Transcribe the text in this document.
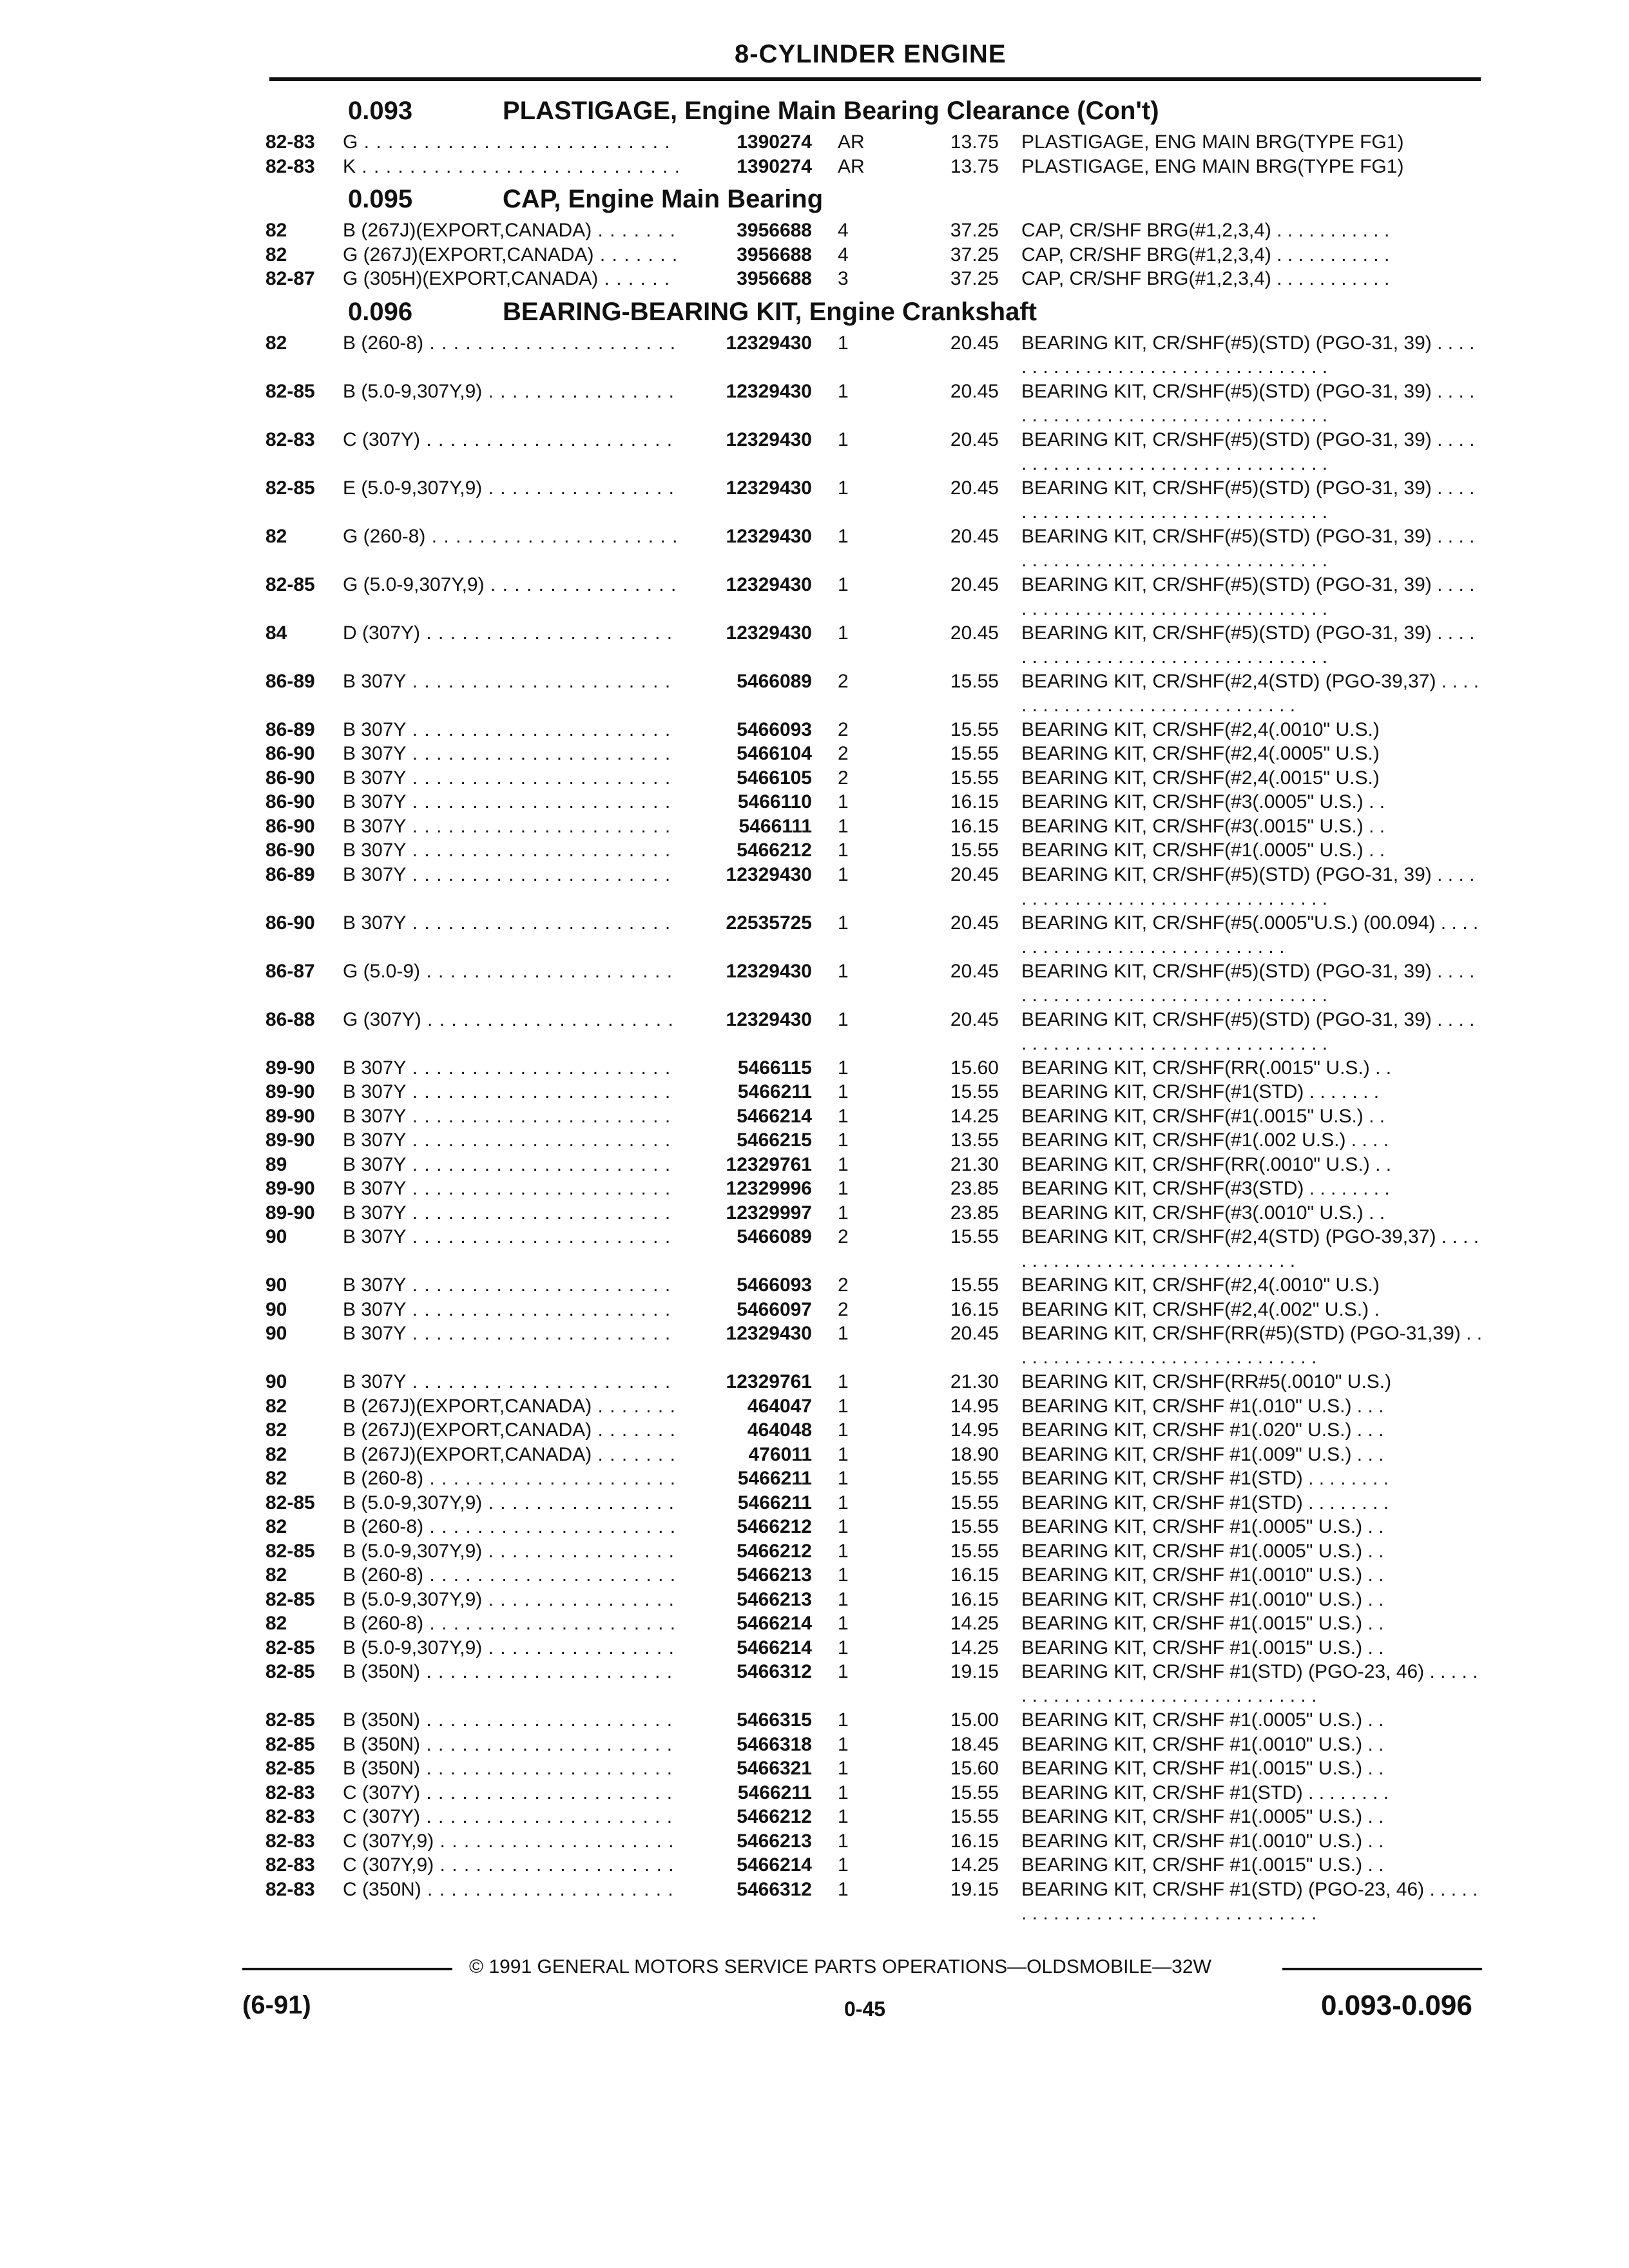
8-CYLINDER ENGINE
0.093	PLASTIGAGE, Engine Main Bearing Clearance (Con't)
82-83 G . . .	1390274 AR	13.75 PLASTIGAGE, ENG MAIN BRG(TYPE FG1)
82-83 K . . .	1390274 AR	13.75 PLASTIGAGE, ENG MAIN BRG(TYPE FG1)
0.095	CAP, Engine Main Bearing
82	B (267J)(EXPORT,CANADA) . . .	3956688 4	37.25 CAP, CR/SHF BRG(#1,2,3,4) . . . . . . . . . . .
82	G (267J)(EXPORT,CANADA) . . .	3956688 4	37.25 CAP, CR/SHF BRG(#1,2,3,4) . . . . . . . . . . .
82-87 G (305H)(EXPORT,CANADA) . . .	3956688 3	37.25 CAP, CR/SHF BRG(#1,2,3,4) . . . . . . . . . . .
0.096	BEARING-BEARING KIT, Engine Crankshaft
82	B (260-8) . . .	12329430 1	20.45 BEARING KIT, CR/SHF(#5)(STD) (PGO-31, 39) . . . . . . . . . . . . . . . . . . . . . . . . . . . . . . . . .
82-85 B (5.0-9,307Y,9) . . .	12329430 1	20.45 BEARING KIT, CR/SHF(#5)(STD) (PGO-31, 39) . . . . . . . . . . . . . . . . . . . . . . . . . . . . . . . . .
82-83 C (307Y) . . .	12329430 1	20.45 BEARING KIT, CR/SHF(#5)(STD) (PGO-31, 39) . . . . . . . . . . . . . . . . . . . . . . . . . . . . . . . . .
82-85 E (5.0-9,307Y,9) . . .	12329430 1	20.45 BEARING KIT, CR/SHF(#5)(STD) (PGO-31, 39) . . . . . . . . . . . . . . . . . . . . . . . . . . . . . . . . .
82	G (260-8) . . .	12329430 1	20.45 BEARING KIT, CR/SHF(#5)(STD) (PGO-31, 39) . . . . . . . . . . . . . . . . . . . . . . . . . . . . . . . . .
82-85 G (5.0-9,307Y,9) . . .	12329430 1	20.45 BEARING KIT, CR/SHF(#5)(STD) (PGO-31, 39) . . . . . . . . . . . . . . . . . . . . . . . . . . . . . . . . .
84	D (307Y) . . .	12329430 1	20.45 BEARING KIT, CR/SHF(#5)(STD) (PGO-31, 39) . . . . . . . . . . . . . . . . . . . . . . . . . . . . . . . . .
86-89 B 307Y . . .	5466089 2	15.55 BEARING KIT, CR/SHF(#2,4(STD) (PGO-39,37) . . . . . . . . . . . . . . . . . . . . . . . . . . . . . .
86-89 B 307Y . . .	5466093 2	15.55 BEARING KIT, CR/SHF(#2,4(.0010" U.S.)
86-90 B 307Y . . .	5466104 2	15.55 BEARING KIT, CR/SHF(#2,4(.0005" U.S.)
86-90 B 307Y . . .	5466105 2	15.55 BEARING KIT, CR/SHF(#2,4(.0015" U.S.)
86-90 B 307Y . . .	5466110 1	16.15 BEARING KIT, CR/SHF(#3(.0005" U.S.) . .
86-90 B 307Y . . .	5466111 1	16.15 BEARING KIT, CR/SHF(#3(.0015" U.S.) . .
86-90 B 307Y . . .	5466212 1	15.55 BEARING KIT, CR/SHF(#1(.0005" U.S.) . .
86-89 B 307Y . . .	12329430 1	20.45 BEARING KIT, CR/SHF(#5)(STD) (PGO-31, 39) . . . . . . . . . . . . . . . . . . . . . . . . . . . . . . . . .
86-90 B 307Y . . .	22535725 1	20.45 BEARING KIT, CR/SHF(#5(.0005"U.S.) (00.094) . . . . . . . . . . . . . . . . . . . . . . . . . . . . .
86-87 G (5.0-9) . . .	12329430 1	20.45 BEARING KIT, CR/SHF(#5)(STD) (PGO-31, 39) . . . . . . . . . . . . . . . . . . . . . . . . . . . . . . . . .
86-88 G (307Y) . . .	12329430 1	20.45 BEARING KIT, CR/SHF(#5)(STD) (PGO-31, 39) . . . . . . . . . . . . . . . . . . . . . . . . . . . . . . . . .
89-90 B 307Y . . .	5466115 1	15.60 BEARING KIT, CR/SHF(RR(.0015" U.S.) . .
89-90 B 307Y . . .	5466211 1	15.55 BEARING KIT, CR/SHF(#1(STD) . . . . . . .
89-90 B 307Y . . .	5466214 1	14.25 BEARING KIT, CR/SHF(#1(.0015" U.S.) . .
89-90 B 307Y . . .	5466215 1	13.55 BEARING KIT, CR/SHF(#1(.002 U.S.) . . . .
89	B 307Y . . .	12329761 1	21.30 BEARING KIT, CR/SHF(RR(.0010" U.S.) . .
89-90 B 307Y . . .	12329996 1	23.85 BEARING KIT, CR/SHF(#3(STD) . . . . . . . .
89-90 B 307Y . . .	12329997 1	23.85 BEARING KIT, CR/SHF(#3(.0010" U.S.) . .
90	B 307Y . . .	5466089 2	15.55 BEARING KIT, CR/SHF(#2,4(STD) (PGO-39,37) . . . . . . . . . . . . . . . . . . . . . . . . . . . . . .
90	B 307Y . . .	5466093 2	15.55 BEARING KIT, CR/SHF(#2,4(.0010" U.S.)
90	B 307Y . . .	5466097 2	16.15 BEARING KIT, CR/SHF(#2,4(.002" U.S.) .
90	B 307Y . . .	12329430 1	20.45 BEARING KIT, CR/SHF(RR(#5)(STD) (PGO-31,39) . . . . . . . . . . . . . . . . . . . . . . . . . . . . . .
90	B 307Y . . .	12329761 1	21.30 BEARING KIT, CR/SHF(RR#5(.0010" U.S.)
82	B (267J)(EXPORT,CANADA) . . .	464047 1	14.95 BEARING KIT, CR/SHF #1(.010" U.S.) . . .
82	B (267J)(EXPORT,CANADA) . . .	464048 1	14.95 BEARING KIT, CR/SHF #1(.020" U.S.) . . .
82	B (267J)(EXPORT,CANADA) . . .	476011 1	18.90 BEARING KIT, CR/SHF #1(.009" U.S.) . . .
82	B (260-8) . . .	5466211 1	15.55 BEARING KIT, CR/SHF #1(STD) . . . . . . . .
82-85 B (5.0-9,307Y,9) . . .	5466211 1	15.55 BEARING KIT, CR/SHF #1(STD) . . . . . . . .
82	B (260-8) . . .	5466212 1	15.55 BEARING KIT, CR/SHF #1(.0005" U.S.) . .
82-85 B (5.0-9,307Y,9) . . .	5466212 1	15.55 BEARING KIT, CR/SHF #1(.0005" U.S.) . .
82	B (260-8) . . .	5466213 1	16.15 BEARING KIT, CR/SHF #1(.0010" U.S.) . .
82-85 B (5.0-9,307Y,9) . . .	5466213 1	16.15 BEARING KIT, CR/SHF #1(.0010" U.S.) . .
82	B (260-8) . . .	5466214 1	14.25 BEARING KIT, CR/SHF #1(.0015" U.S.) . .
82-85 B (5.0-9,307Y,9) . . .	5466214 1	14.25 BEARING KIT, CR/SHF #1(.0015" U.S.) . .
82-85 B (350N) . . .	5466312 1	19.15 BEARING KIT, CR/SHF #1(STD) (PGO-23, 46) . . . . . . . . . . . . . . . . . . . . . . . . . . . . . . . . .
82-85 B (350N) . . .	5466315 1	15.00 BEARING KIT, CR/SHF #1(.0005" U.S.) . .
82-85 B (350N) . . .	5466318 1	18.45 BEARING KIT, CR/SHF #1(.0010" U.S.) . .
82-85 B (350N) . . .	5466321 1	15.60 BEARING KIT, CR/SHF #1(.0015" U.S.) . .
82-83 C (307Y) . . .	5466211 1	15.55 BEARING KIT, CR/SHF #1(STD) . . . . . . . .
82-83 C (307Y) . . .	5466212 1	15.55 BEARING KIT, CR/SHF #1(.0005" U.S.) . .
82-83 C (307Y,9) . . .	5466213 1	16.15 BEARING KIT, CR/SHF #1(.0010" U.S.) . .
82-83 C (307Y,9) . . .	5466214 1	14.25 BEARING KIT, CR/SHF #1(.0015" U.S.) . .
82-83 C (350N) . . .	5466312 1	19.15 BEARING KIT, CR/SHF #1(STD) (PGO-23, 46) . . . . . . . . . . . . . . . . . . . . . . . . . . . . . . . . .
© 1991 GENERAL MOTORS SERVICE PARTS OPERATIONS—OLDSMOBILE—32W
(6-91)	0-45	0.093-0.096
